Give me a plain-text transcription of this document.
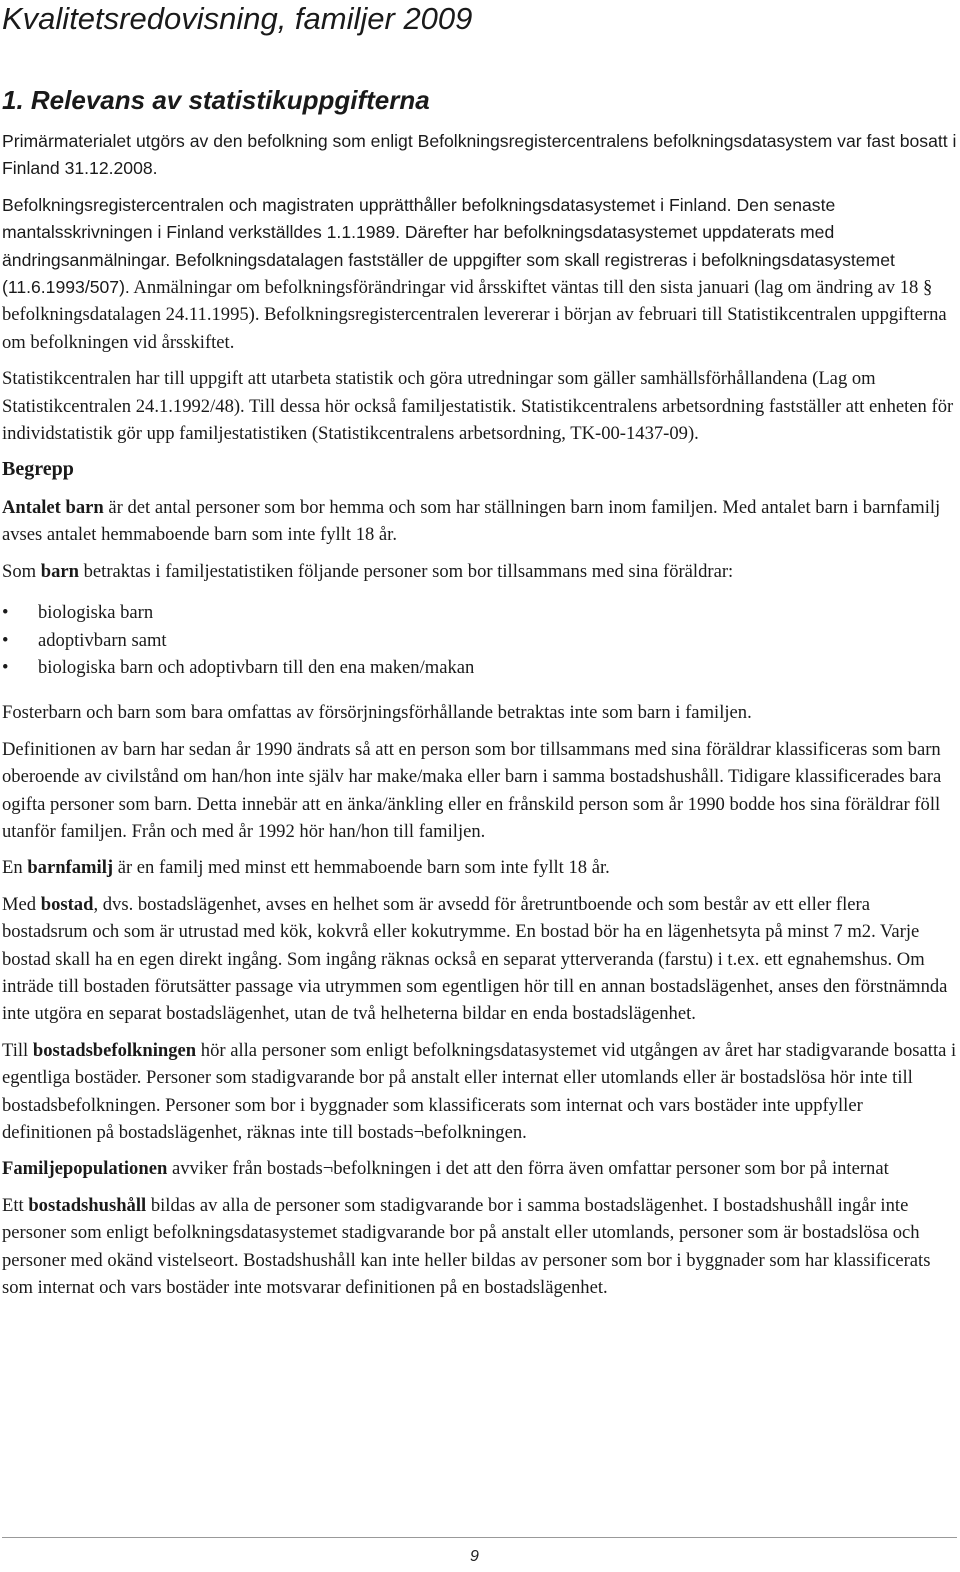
Kvalitetsredovisning, familjer 2009
1. Relevans av statistikuppgifterna

Primärmaterialet utgörs av den befolkning som enligt Befolkningsregistercentralens befolkningsdatasystem var fast bosatt i Finland 31.12.2008.

Befolkningsregistercentralen och magistraten upprätthåller befolkningsdatasystemet i Finland. Den senaste mantalsskrivningen i Finland verkställdes 1.1.1989. Därefter har befolkningsdatasystemet uppdaterats med ändringsanmälningar. Befolkningsdatalagen fastställer de uppgifter som skall registreras i befolkningsdatasystemet (11.6.1993/507). Anmälningar om befolkningsförändringar vid årsskiftet väntas till den sista januari (lag om ändring av 18 § befolkningsdatalagen 24.11.1995). Befolkningsregistercentralen levererar i början av februari till Statistikcentralen uppgifterna om befolkningen vid årsskiftet.

Statistikcentralen har till uppgift att utarbeta statistik och göra utredningar som gäller samhällsförhållandena (Lag om Statistikcentralen 24.1.1992/48). Till dessa hör också familjestatistik. Statistikcentralens arbetsordning fastställer att enheten för individstatistik gör upp familjestatistiken (Statistikcentralens arbetsordning, TK-00-1437-09).

Begrepp

Antalet barn är det antal personer som bor hemma och som har ställningen barn inom familjen. Med antalet barn i barnfamilj avses antalet hemmaboende barn som inte fyllt 18 år.

Som barn betraktas i familjestatistiken följande personer som bor tillsammans med sina föräldrar:

• biologiska barn
• adoptivbarn samt
• biologiska barn och adoptivbarn till den ena maken/makan

Fosterbarn och barn som bara omfattas av försörjningsförhållande betraktas inte som barn i familjen.

Definitionen av barn har sedan år 1990 ändrats så att en person som bor tillsammans med sina föräldrar klassificeras som barn oberoende av civilstånd om han/hon inte själv har make/maka eller barn i samma bostadshushåll. Tidigare klassificerades bara ogifta personer som barn. Detta innebär att en änka/änkling eller en frånskild person som år 1990 bodde hos sina föräldrar föll utanför familjen. Från och med år 1992 hör han/hon till familjen.

En barnfamilj är en familj med minst ett hemmaboende barn som inte fyllt 18 år.

Med bostad, dvs. bostadslägenhet, avses en helhet som är avsedd för åretruntboende och som består av ett eller flera bostadsrum och som är utrustad med kök, kokvrå eller kokutrymme. En bostad bör ha en lägenhetsyta på minst 7 m2. Varje bostad skall ha en egen direkt ingång. Som ingång räknas också en separat ytterveranda (farstu) i t.ex. ett egnahemshus. Om inträde till bostaden förutsätter passage via utrymmen som egentligen hör till en annan bostadslägenhet, anses den förstnämnda inte utgöra en separat bostadslägenhet, utan de två helheterna bildar en enda bostadslägenhet.

Till bostadsbefolkningen hör alla personer som enligt befolkningsdatasystemet vid utgången av året har stadigvarande bosatta i egentliga bostäder. Personer som stadigvarande bor på anstalt eller internat eller utomlands eller är bostadslösa hör inte till bostadsbefolkningen. Personer som bor i byggnader som klassificerats som internat och vars bostäder inte uppfyller definitionen på bostadslägenhet, räknas inte till bostads¬befolkningen.

Familjepopulationen avviker från bostads¬befolkningen i det att den förra även omfattar personer som bor på internat

Ett bostadshushåll bildas av alla de personer som stadigvarande bor i samma bostadslägenhet. I bostadshushåll ingår inte personer som enligt befolkningsdatasystemet stadigvarande bor på anstalt eller utomlands, personer som är bostadslösa och personer med okänd vistelseort. Bostadshushåll kan inte heller bildas av personer som bor i byggnader som har klassificerats som internat och vars bostäder inte motsvarar definitionen på en bostadslägenhet.

9
